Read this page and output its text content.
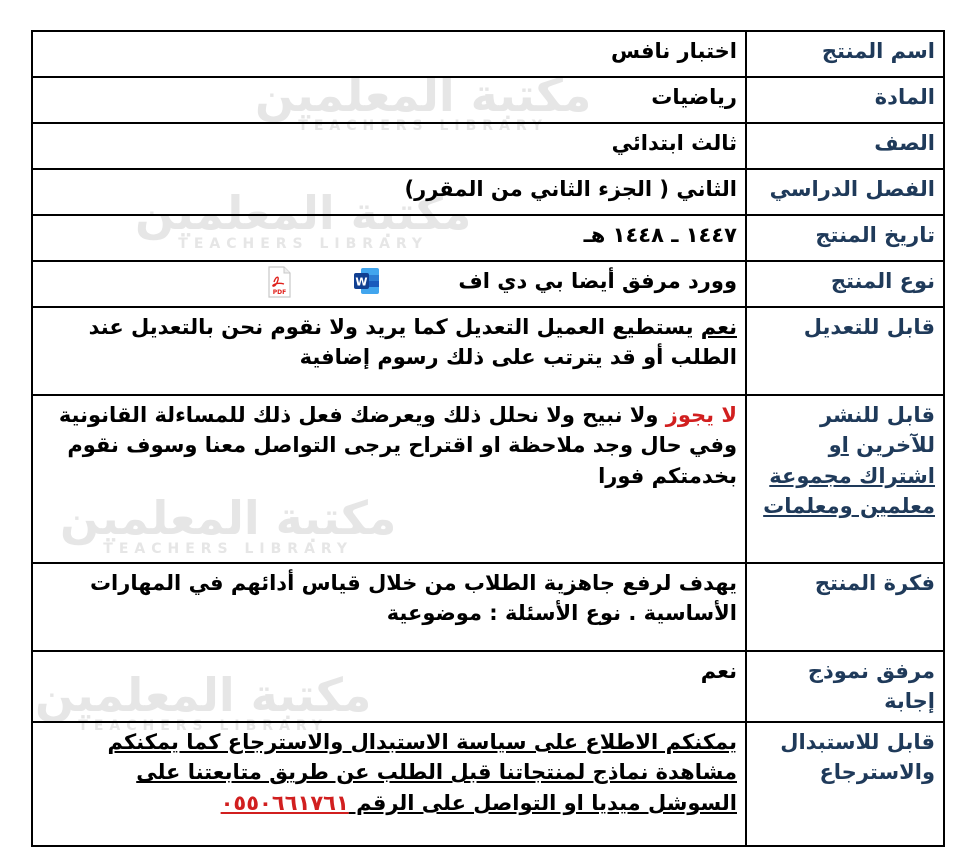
مكتبة المعلمين
TEACHERS LIBRARY
مكتبة المعلمين
TEACHERS LIBRARY
مكتبة المعلمين
TEACHERS LIBRARY
مكتبة المعلمين
TEACHERS LIBRARY
اسم المنتج	اختبار نافس
المادة	رياضيات
الصف	ثالث ابتدائي
الفصل الدراسي	الثاني ( الجزء الثاني من المقرر)
تاريخ المنتج	١٤٤٧ ـ ١٤٤٨ هـ
نوع المنتج	وورد مرفق أيضا بي دي اف
W
PDF

قابل للتعديل	نعم يستطيع العميل التعديل كما يريد ولا نقوم نحن بالتعديل عند الطلب أو قد يترتب على ذلك رسوم إضافية
قابل للنشر للآخرين او اشتراك مجموعة معلمين ومعلمات	لا يجوز ولا نبيح ولا نحلل ذلك ويعرضك فعل ذلك للمساءلة القانونية وفي حال وجد ملاحظة او اقتراح يرجى التواصل معنا وسوف نقوم بخدمتكم فورا
فكرة المنتج	يهدف لرفع جاهزية الطلاب من خلال قياس أدائهم في المهارات الأساسية . نوع الأسئلة : موضوعية
مرفق نموذج إجابة	نعم
قابل للاستبدال والاسترجاع	يمكنكم الاطلاع على سياسة الاستبدال والاسترجاع كما يمكنكم مشاهدة نماذج لمنتجاتنا قبل الطلب عن طريق متابعتنا على السوشل ميديا او التواصل على الرقم ٠٥٥٠٦٦١٧٦١
